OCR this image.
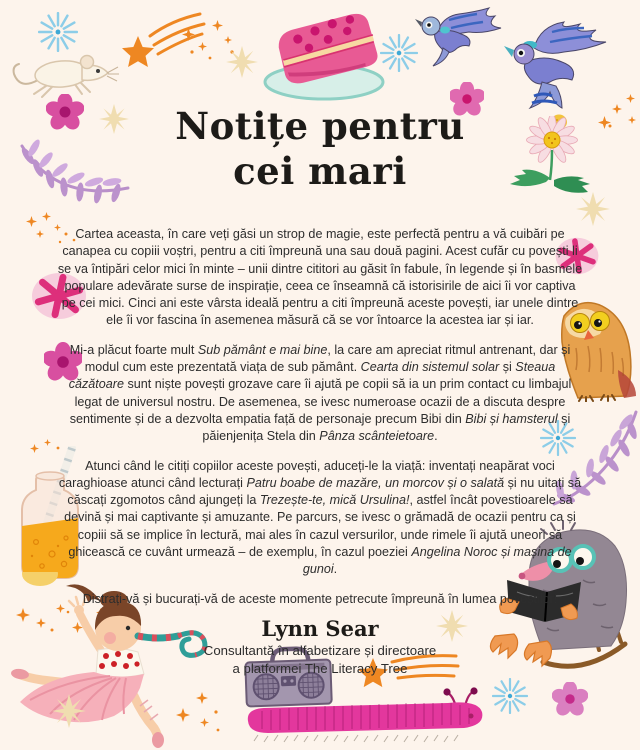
Notițe pentru
cei mari

Cartea aceasta, în care veți găsi un strop de magie, este perfectă pentru a vă cuibări pe canapea cu copiii voștri, pentru a citi împreună una sau două pagini. Acest cufăr cu povești li se va întipări celor mici în minte – unii dintre cititori au găsit în fabule, în legende și în basmele populare adevărate surse de inspirație, ceea ce înseamnă că istorisirile de aici îi vor captiva pe cei mici. Cinci ani este vârsta ideală pentru a citi împreună aceste povești, iar unele dintre ele îi vor fascina în asemenea măsură că se vor întoarce la acestea iar și iar.

Mi-a plăcut foarte mult Sub pământ e mai bine, la care am apreciat ritmul antrenant, dar și modul cum este prezentată viața de sub pământ. Cearta din sistemul solar și Steaua căzătoare sunt niște povești grozave care îi ajută pe copii să ia un prim contact cu limbajul legat de universul nostru. De asemenea, se ivesc numeroase ocazii de a discuta despre sentimente și de a dezvolta empatia față de personaje precum Bibi din Bibi și hamsterul și păienjenița Stela din Pânza scânteietoare.

Atunci când le citiți copiilor aceste povești, aduceți-le la viață: inventați neapărat voci caraghioase atunci când lecturați Patru boabe de mazăre, un morcov și o salată și nu uitați să căscați zgomotos când ajungeți la Trezește-te, mică Ursulina!, astfel încât povestioarele să devină și mai captivante și amuzante. Pe parcurs, se ivesc o grămadă de ocazii pentru ca și copiii să se implice în lectură, mai ales în cazul versurilor, unde rimele îi ajută uneori să ghicească ce cuvânt urmează – de exemplu, în cazul poeziei Angelina Noroc și mașina de gunoi.

Distrați-vă și bucurați-vă de aceste momente petrecute împreună în lumea poveștilor!

Lynn Sear
Consultantă în alfabetizare și directoare
a platformei The Literacy Tree
